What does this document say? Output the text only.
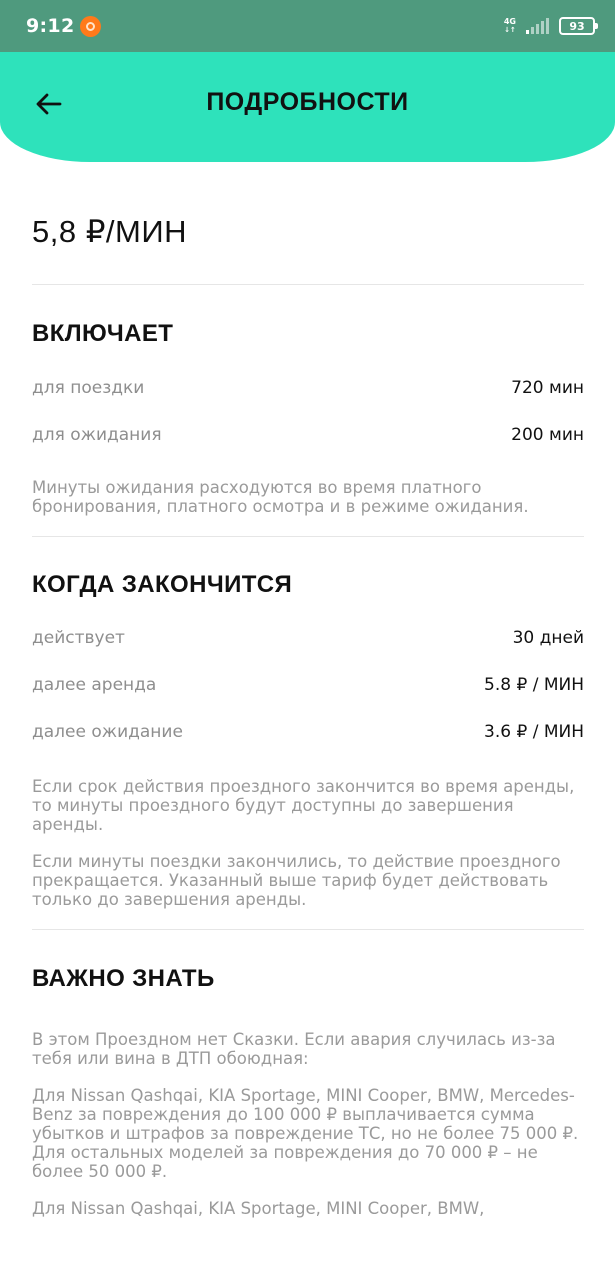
9:12	4G
↓↑	93
ПОДРОБНОСТИ
5,8 ₽/МИН
ВКЛЮЧАЕТ
для поездки	720 мин
для ожидания	200 мин
Минуты ожидания расходуются во время платного бронирования, платного осмотра и в режиме ожидания.
КОГДА ЗАКОНЧИТСЯ
действует	30 дней
далее аренда	5.8 ₽ / МИН
далее ожидание	3.6 ₽ / МИН
Если срок действия проездного закончится во время аренды, то минуты проездного будут доступны до завершения аренды.
Если минуты поездки закончились, то действие проездного прекращается. Указанный выше тариф будет действовать только до завершения аренды.
ВАЖНО ЗНАТЬ
В этом Проездном нет Сказки. Если авария случилась из-за тебя или вина в ДТП обоюдная:
Для Nissan Qashqai, KIA Sportage, MINI Cooper, BMW, Mercedes-Benz за повреждения до 100 000 ₽ выплачивается сумма убытков и штрафов за повреждение ТС, но не более 75 000 ₽. Для остальных моделей за повреждения до 70 000 ₽ – не более 50 000 ₽.
Для Nissan Qashqai, KIA Sportage, MINI Cooper, BMW,
